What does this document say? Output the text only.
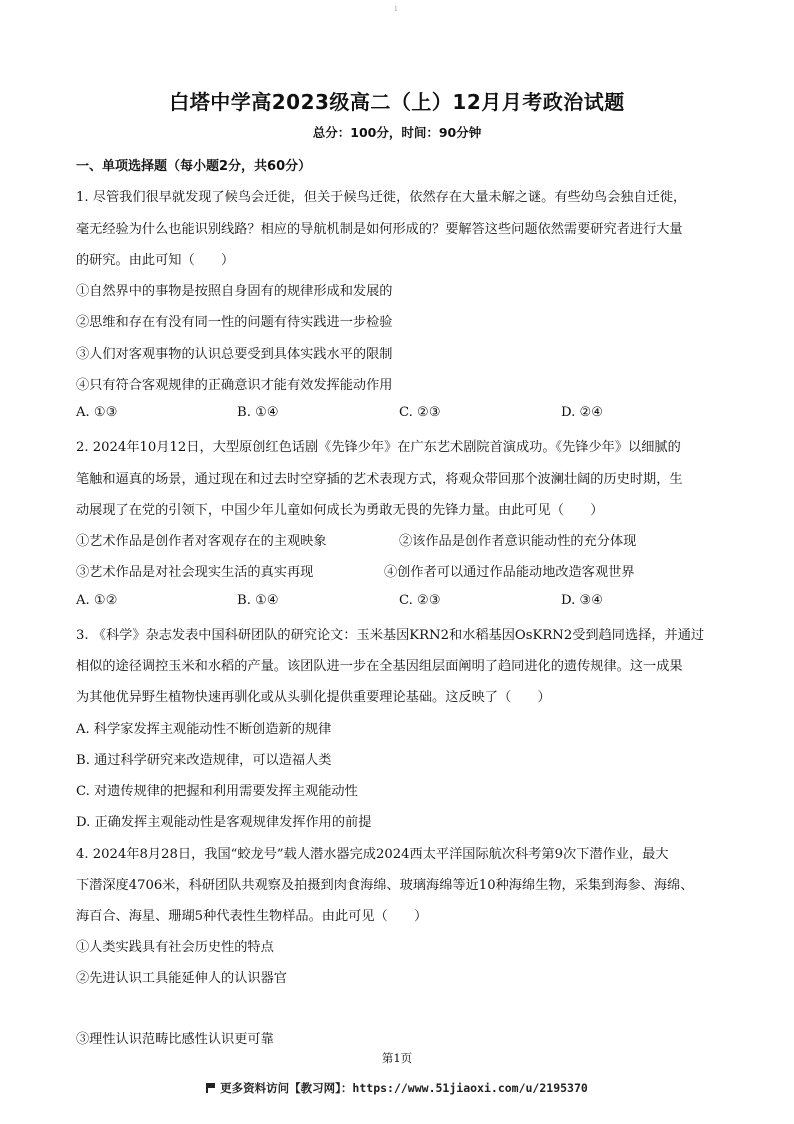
1
白塔中学高2023级高二（上）12月月考政治试题
总分：100分，时间：90分钟
一、单项选择题（每小题2分，共60分）
1. 尽管我们很早就发现了候鸟会迁徙，但关于候鸟迁徙，依然存在大量未解之谜。有些幼鸟会独自迁徙，
毫无经验为什么也能识别线路？相应的导航机制是如何形成的？要解答这些问题依然需要研究者进行大量
的研究。由此可知（　　）
①自然界中的事物是按照自身固有的规律形成和发展的
②思维和存在有没有同一性的问题有待实践进一步检验
③人们对客观事物的认识总要受到具体实践水平的限制
④只有符合客观规律的正确意识才能有效发挥能动作用
A. ①③	B. ①④	C. ②③	D. ②④
2. 2024年10月12日，大型原创红色话剧《先锋少年》在广东艺术剧院首演成功。《先锋少年》以细腻的
笔触和逼真的场景，通过现在和过去时空穿插的艺术表现方式，将观众带回那个波澜壮阔的历史时期，生
动展现了在党的引领下，中国少年儿童如何成长为勇敢无畏的先锋力量。由此可见（　　）
①艺术作品是创作者对客观存在的主观映象	②该作品是创作者意识能动性的充分体现
③艺术作品是对社会现实生活的真实再现	④创作者可以通过作品能动地改造客观世界
A. ①②	B. ①④	C. ②③	D. ③④
3. 《科学》杂志发表中国科研团队的研究论文：玉米基因KRN2和水稻基因OsKRN2受到趋同选择，并通过
相似的途径调控玉米和水稻的产量。该团队进一步在全基因组层面阐明了趋同进化的遗传规律。这一成果
为其他优异野生植物快速再驯化或从头驯化提供重要理论基础。这反映了（　　）
A. 科学家发挥主观能动性不断创造新的规律
B. 通过科学研究来改造规律，可以造福人类
C. 对遗传规律的把握和利用需要发挥主观能动性
D. 正确发挥主观能动性是客观规律发挥作用的前提
4. 2024年8月28日，我国“蛟龙号”载人潜水器完成2024西太平洋国际航次科考第9次下潜作业，最大
下潜深度4706米，科研团队共观察及拍摄到肉食海绵、玻璃海绵等近10种海绵生物，采集到海参、海绵、
海百合、海星、珊瑚5种代表性生物样品。由此可见（　　）
①人类实践具有社会历史性的特点
②先进认识工具能延伸人的认识器官
③理性认识范畴比感性认识更可靠
第1页
更多资料访问【教习网】：https://www.51jiaoxi.com/u/2195370
